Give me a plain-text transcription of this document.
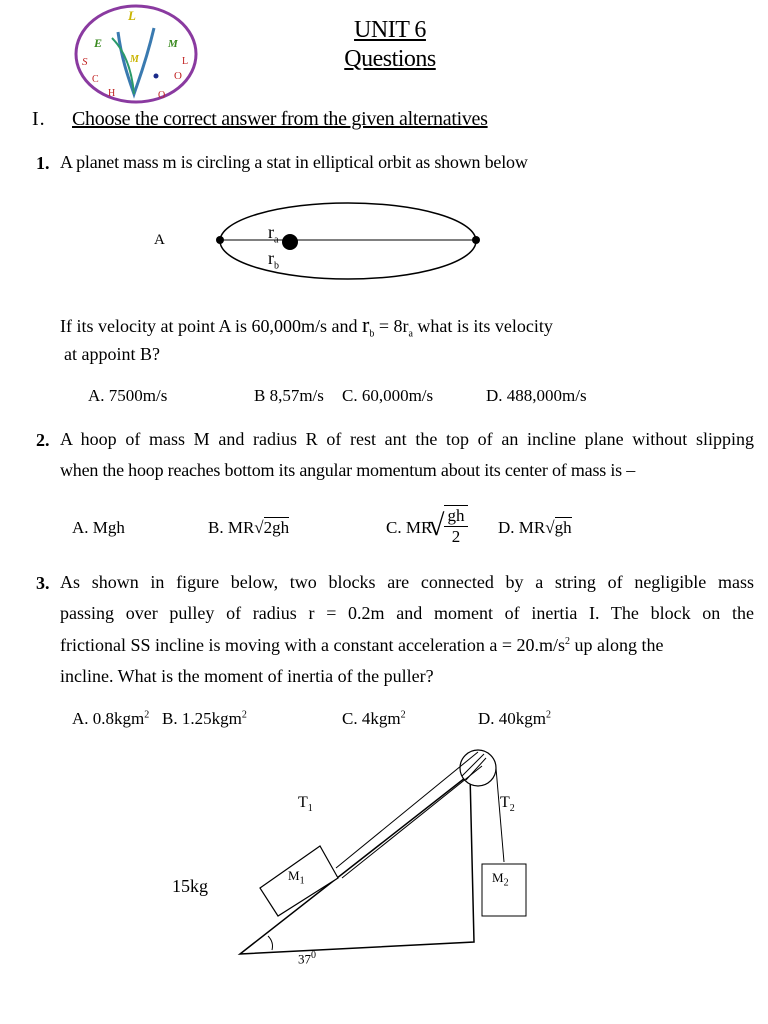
L
E	M
S	L
C
M
O
H	O
UNIT 6
Questions
I. Choose the correct answer from the given alternatives
1. A planet mass m is circling a stat in elliptical orbit as shown below
A	$r_a$
$r_b$
If its velocity at point A is 60,000m/s and $r_b = 8r_a$ what is its velocity
at appoint B?
A. 7500m/s	B 8,57m/s C. 60,000m/s	D. 488,000m/s
2. A hoop of mass M and radius R of rest ant the top of an incline plane without slipping
when the hoop reaches bottom its angular momentum about its center of mass is –
A. Mgh	B. MR√2gh	C. MR
√ gh
2	D. MR√gh
3. As shown in figure below, two blocks are connected by a string of negligible mass
passing over pulley of radius r = 0.2m and moment of inertia I. The block on the
frictional SS incline is moving with a constant acceleration $a = 20.m/s^2$ up along the
incline. What is the moment of inertia of the puller?
A. 0.8kgm$^2$ B. 1.25kgm$^2$	C. 4kgm$^2$	D. 40kgm$^2$
$T_1$	$T_2$
$M_1$	$M_2$
15kg
$37^0$
